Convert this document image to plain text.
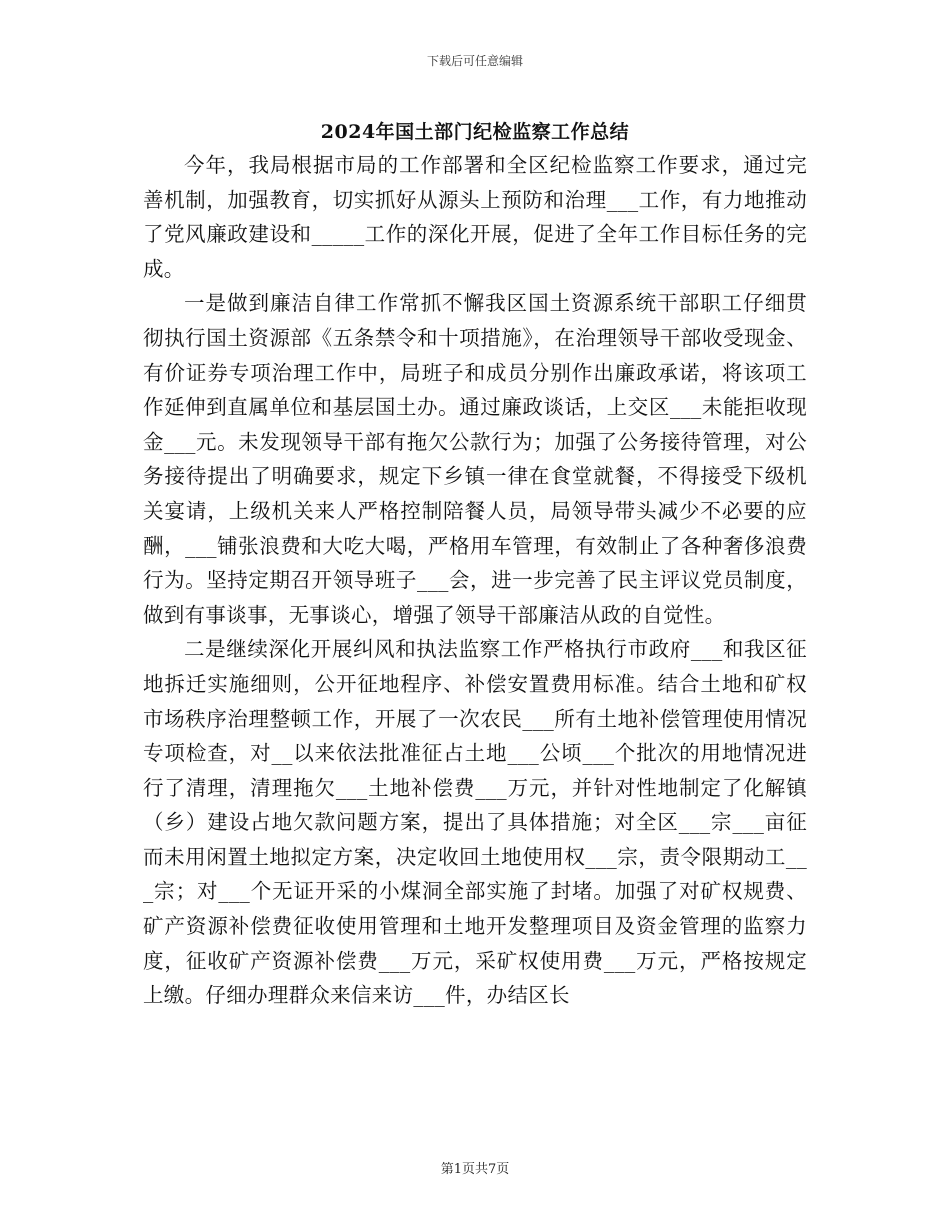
下载后可任意编辑
2024年国土部门纪检监察工作总结

今年，我局根据市局的工作部署和全区纪检监察工作要求，通过完善机制，加强教育，切实抓好从源头上预防和治理___工作，有力地推动了党风廉政建设和_____工作的深化开展，促进了全年工作目标任务的完成。

一是做到廉洁自律工作常抓不懈我区国土资源系统干部职工仔细贯彻执行国土资源部《五条禁令和十项措施》，在治理领导干部收受现金、有价证券专项治理工作中，局班子和成员分别作出廉政承诺，将该项工作延伸到直属单位和基层国土办。通过廉政谈话，上交区___未能拒收现金___元。未发现领导干部有拖欠公款行为；加强了公务接待管理，对公务接待提出了明确要求，规定下乡镇一律在食堂就餐，不得接受下级机关宴请，上级机关来人严格控制陪餐人员，局领导带头减少不必要的应酬，___铺张浪费和大吃大喝，严格用车管理，有效制止了各种奢侈浪费行为。坚持定期召开领导班子___会，进一步完善了民主评议党员制度，做到有事谈事，无事谈心，增强了领导干部廉洁从政的自觉性。

二是继续深化开展纠风和执法监察工作严格执行市政府___和我区征地拆迁实施细则，公开征地程序、补偿安置费用标准。结合土地和矿权市场秩序治理整顿工作，开展了一次农民___所有土地补偿管理使用情况专项检查，对__以来依法批准征占土地___公顷___个批次的用地情况进行了清理，清理拖欠___土地补偿费___万元，并针对性地制定了化解镇（乡）建设占地欠款问题方案，提出了具体措施；对全区___宗___亩征而未用闲置土地拟定方案，决定收回土地使用权___宗，责令限期动工___宗；对___个无证开采的小煤洞全部实施了封堵。加强了对矿权规费、矿产资源补偿费征收使用管理和土地开发整理项目及资金管理的监察力度，征收矿产资源补偿费___万元，采矿权使用费___万元，严格按规定上缴。仔细办理群众来信来访___件，办结区长

第1页共7页
